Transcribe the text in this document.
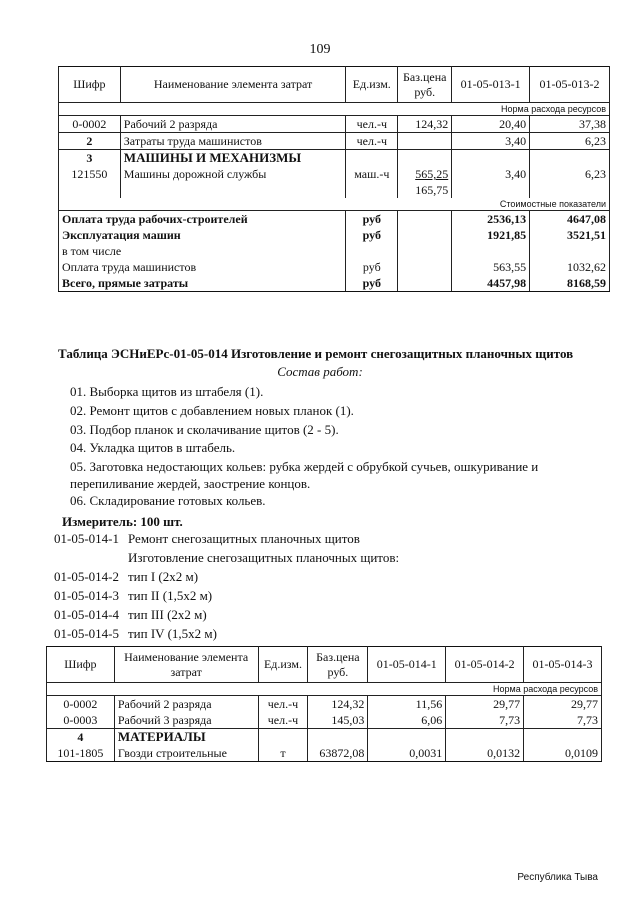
109
Шифр	Наименование элемента затрат	Ед.изм.	Баз.цена руб.	01-05-013-1	01-05-013-2
Норма расхода ресурсов					
0-0002	Рабочий 2 разряда	чел.-ч	124,32	20,40	37,38
2	Затраты труда машинистов	чел.-ч		3,40	6,23
3	МАШИНЫ И МЕХАНИЗМЫ				
121550	Машины дорожной службы	маш.-ч	565,25	3,40	6,23
			165,75		
Стоимостные показатели					
Оплата труда рабочих-строителей		руб		2536,13	4647,08
Эксплуатация машин		руб		1921,85	3521,51
в том числе					
Оплата труда машинистов		руб		563,55	1032,62
Всего, прямые затраты		руб		4457,98	8168,59
Таблица ЭСНиЕРс-01-05-014 Изготовление и ремонт снегозащитных планочных щитов
Состав работ:
01. Выборка щитов из штабеля (1).
02. Ремонт щитов с добавлением новых планок (1).
03. Подбор планок и сколачивание щитов (2 - 5).
04. Укладка щитов в штабель.
05. Заготовка недостающих кольев: рубка жердей с обрубкой сучьев, ошкуривание и перепиливание жердей, заострение концов.
06. Складирование готовых кольев.
Измеритель: 100 шт.
01-05-014-1 Ремонт снегозащитных планочных щитов
Изготовление снегозащитных планочных щитов:
01-05-014-2 тип I (2х2 м)
01-05-014-3 тип II (1,5х2 м)
01-05-014-4 тип III (2х2 м)
01-05-014-5 тип IV (1,5х2 м)
Шифр	Наименование элемента затрат	Ед.изм.	Баз.цена руб.	01-05-014-1	01-05-014-2	01-05-014-3
Норма расхода ресурсов						
0-0002	Рабочий 2 разряда	чел.-ч	124,32	11,56	29,77	29,77
0-0003	Рабочий 3 разряда	чел.-ч	145,03	6,06	7,73	7,73
4	МАТЕРИАЛЫ					
101-1805	Гвозди строительные	т	63872,08	0,0031	0,0132	0,0109
Республика Тыва
